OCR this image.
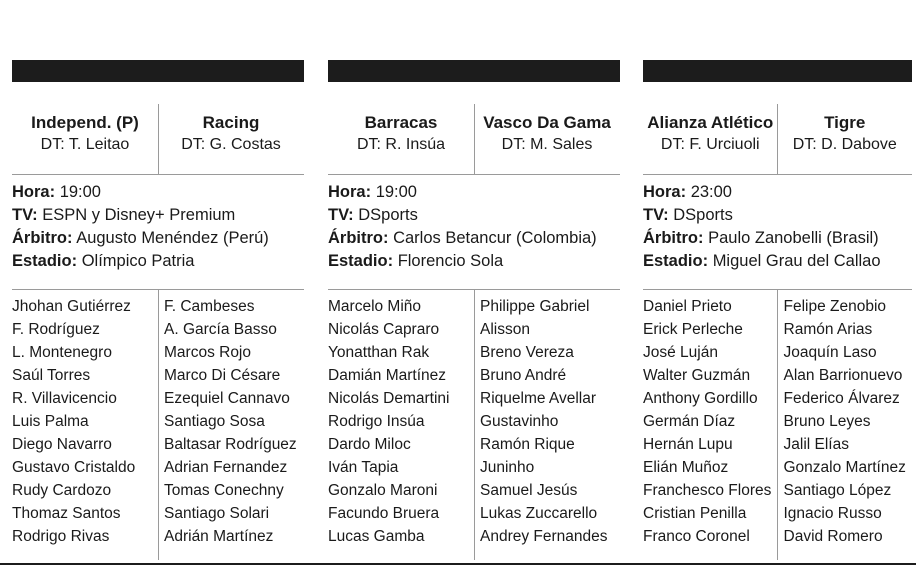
Independ. (P)
DT: T. Leitao
Racing
DT: G. Costas
Hora: 19:00
TV: ESPN y Disney+ Premium
Árbitro: Augusto Menéndez (Perú)
Estadio: Olímpico Patria
Jhohan Gutiérrez
F. Rodríguez
L. Montenegro
Saúl Torres
R. Villavicencio
Luis Palma
Diego Navarro
Gustavo Cristaldo
Rudy Cardozo
Thomaz Santos
Rodrigo Rivas
F. Cambeses
A. García Basso
Marcos Rojo
Marco Di Césare
Ezequiel Cannavo
Santiago Sosa
Baltasar Rodríguez
Adrian Fernandez
Tomas Conechny
Santiago Solari
Adrián Martínez
Barracas
DT: R. Insúa
Vasco Da Gama
DT: M. Sales
Hora: 19:00
TV: DSports
Árbitro: Carlos Betancur (Colombia)
Estadio: Florencio Sola
Marcelo Miño
Nicolás Capraro
Yonatthan Rak
Damián Martínez
Nicolás Demartini
Rodrigo Insúa
Dardo Miloc
Iván Tapia
Gonzalo Maroni
Facundo Bruera
Lucas Gamba
Philippe Gabriel
Alisson
Breno Vereza
Bruno André
Riquelme Avellar
Gustavinho
Ramón Rique
Juninho
Samuel Jesús
Lukas Zuccarello
Andrey Fernandes
Alianza Atlético
DT: F. Urciuoli
Tigre
DT: D. Dabove
Hora: 23:00
TV: DSports
Árbitro: Paulo Zanobelli (Brasil)
Estadio: Miguel Grau del Callao
Daniel Prieto
Erick Perleche
José Luján
Walter Guzmán
Anthony Gordillo
Germán Díaz
Hernán Lupu
Elián Muñoz
Franchesco Flores
Cristian Penilla
Franco Coronel
Felipe Zenobio
Ramón Arias
Joaquín Laso
Alan Barrionuevo
Federico Álvarez
Bruno Leyes
Jalil Elías
Gonzalo Martínez
Santiago López
Ignacio Russo
David Romero
